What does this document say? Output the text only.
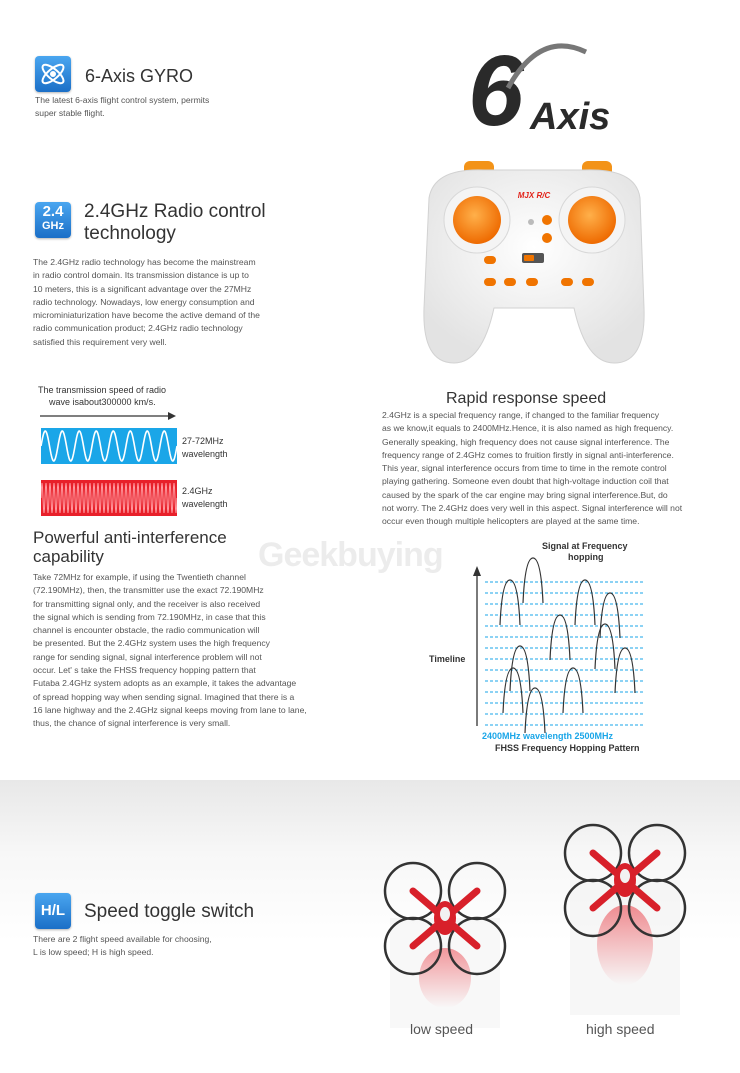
6-Axis GYRO
The latest 6-axis flight control system, permits
super stable flight.	6 Axis
2.4
GHz
2.4GHz Radio control
technology
The 2.4GHz radio technology has become the mainstream
in radio control domain. Its transmission distance is up to
10 meters, this is a significant advantage over the 27MHz
radio technology. Nowadays, low energy consumption and
microminiaturization have become the active demand of the
radio communication product; 2.4GHz radio technology
satisfied this requirement very well.
MJX R/C
The transmission speed of radio
wave isabout300000 km/s.
27-72MHz
wavelength
2.4GHz
wavelength
Rapid response speed
2.4GHz is a special frequency range, if changed to the familiar frequency
as we know,it equals to 2400MHz.Hence, it is also named as high frequency.
Generally speaking, high frequency does not cause signal interference. The
frequency range of 2.4GHz comes to fruition firstly in signal anti-interference.
This year, signal interference occurs from time to time in the remote control
playing gathering. Someone even doubt that high-voltage induction coil that
caused by the spark of the car engine may bring signal interference.But, do
not worry. The 2.4GHz does very well in this aspect. Signal interference will not
occur even though multiple helicopters are played at the same time.
Powerful anti-interference
capability
Take 72MHz for example, if using the Twentieth channel
(72.190MHz), then, the transmitter use the exact 72.190MHz
for transmitting signal only, and the receiver is also received
the signal which is sending from 72.190MHz, in case that this
channel is encounter obstacle, the radio communication will
be presented. But the 2.4GHz system uses the high frequency
range for sending signal, signal interference problem will not
occur. Let' s take the FHSS frequency hopping pattern that
Futaba 2.4GHz system adopts as an example, it takes the advantage
of spread hopping way when sending signal. Imagined that there is a
16 lane highway and the 2.4GHz signal keeps moving from lane to lane,
thus, the chance of signal interference is very small.
Geekbuying	Signal at Frequency
hopping
Timeline
2400MHz wavelength 2500MHz
FHSS Frequency Hopping Pattern
H/L Speed toggle switch
There are 2 flight speed available for choosing,
L is low speed; H is high speed.
low speed	high speed
